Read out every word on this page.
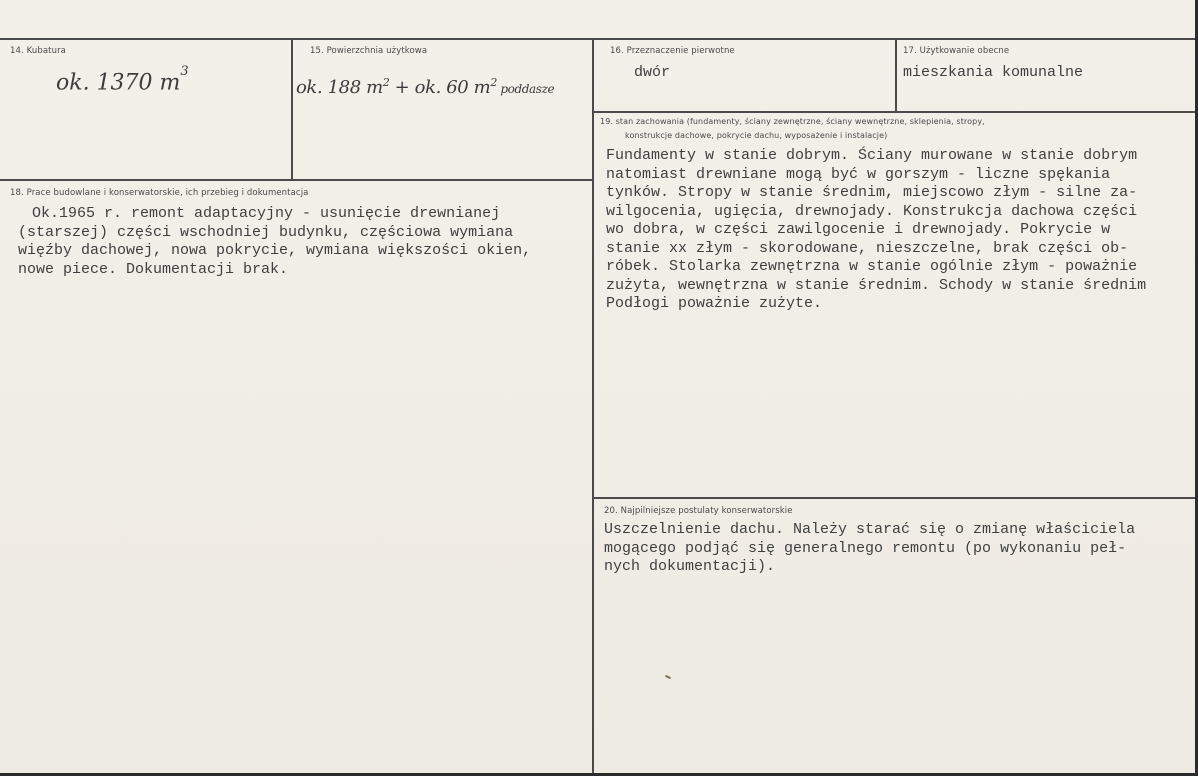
14. Kubatura
ok. 1370 $m^3$
15. Powierzchnia użytkowa
ok. 188 $m^2$ + ok. 60 $m^2$ poddasze
16. Przeznaczenie pierwotne
dwór
17. Użytkowanie obecne
mieszkania komunalne
18. Prace budowlane i konserwatorskie, ich przebieg i dokumentacja
Ok.1965 r. remont adaptacyjny - usunięcie drewnianej
(starszej) części wschodniej budynku, częściowa wymiana
więźby dachowej, nowa pokrycie, wymiana większości okien,
nowe piece. Dokumentacji brak.
19. stan zachowania (fundamenty, ściany zewnętrzne, ściany wewnętrzne, sklepienia, stropy,
konstrukcje dachowe, pokrycie dachu, wyposażenie i instalacje)
Fundamenty w stanie dobrym. Ściany murowane w stanie dobrym
natomiast drewniane mogą być w gorszym - liczne spękania
tynków. Stropy w stanie średnim, miejscowo złym - silne za-
wilgocenia, ugięcia, drewnojady. Konstrukcja dachowa części
wo dobra, w części zawilgocenie i drewnojady. Pokrycie w
stanie xx złym - skorodowane, nieszczelne, brak części ob-
róbek. Stolarka zewnętrzna w stanie ogólnie złym - poważnie
zużyta, wewnętrzna w stanie średnim. Schody w stanie średnim
Podłogi poważnie zużyte.
20. Najpilniejsze postulaty konserwatorskie
Uszczelnienie dachu. Należy starać się o zmianę właściciela
mogącego podjąć się generalnego remontu (po wykonaniu peł-
nych dokumentacji).
